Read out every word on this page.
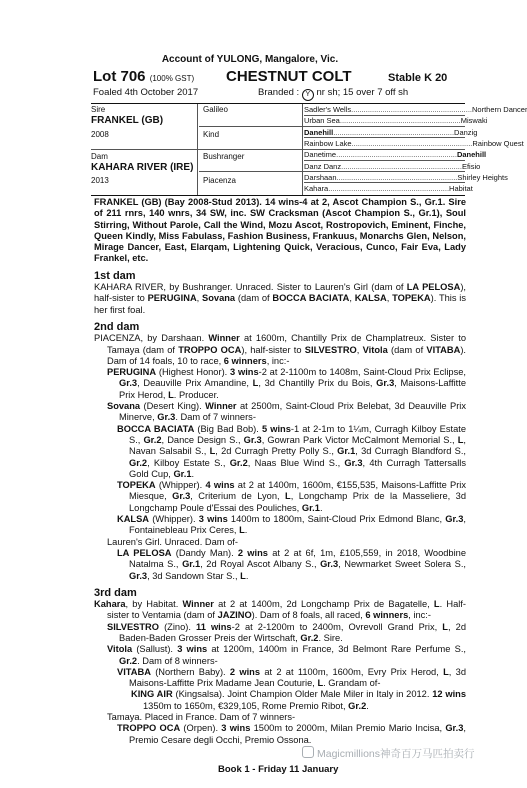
Account of YULONG, Mangalore, Vic.
Lot 706 (100% GST) CHESTNUT COLT	Stable K 20
Foaled 4th October 2017	Branded : Y nr sh; 15 over 7 off sh
Sire
FRANKEL (GB)
2008
Galileo
Kind
Dam
KAHARA RIVER (IRE)
2013
Bushranger
Piacenza
Sadler's Wells .......................................................... Northern Dancer
Urban Sea .......................................................... Miswaki
Danehill .......................................................... Danzig
Rainbow Lake .......................................................... Rainbow Quest
Danetime .......................................................... Danehill
Danz Danz .......................................................... Efisio
Darshaan .......................................................... Shirley Heights
Kahara .......................................................... Habitat

FRANKEL (GB) (Bay 2008-Stud 2013). 14 wins-4 at 2, Ascot Champion S., Gr.1. Sire of 211 rnrs, 140 wnrs, 34 SW, inc. SW Cracksman (Ascot Champion S., Gr.1), Soul Stirring, Without Parole, Call the Wind, Mozu Ascot, Rostropovich, Eminent, Finche, Queen Kindly, Miss Fabulass, Fashion Business, Frankuus, Monarchs Glen, Nelson, Mirage Dancer, East, Elarqam, Lightening Quick, Veracious, Cunco, Fair Eva, Lady Frankel, etc.

1st dam

KAHARA RIVER, by Bushranger. Unraced. Sister to Lauren's Girl (dam of LA PELOSA), half-sister to PERUGINA, Sovana (dam of BOCCA BACIATA, KALSA, TOPEKA). This is her first foal.

2nd dam

PIACENZA, by Darshaan. Winner at 1600m, Chantilly Prix de Champlatreux. Sister to Tamaya (dam of TROPPO OCA), half-sister to SILVESTRO, Vitola (dam of VITABA). Dam of 14 foals, 10 to race, 6 winners, inc:-

PERUGINA (Highest Honor). 3 wins-2 at 2-1100m to 1408m, Saint-Cloud Prix Eclipse, Gr.3, Deauville Prix Amandine, L, 3d Chantilly Prix du Bois, Gr.3, Maisons-Laffitte Prix Herod, L. Producer.

Sovana (Desert King). Winner at 2500m, Saint-Cloud Prix Belebat, 3d Deauville Prix Minerve, Gr.3. Dam of 7 winners-

BOCCA BACIATA (Big Bad Bob). 5 wins-1 at 2-1m to 1¼m, Curragh Kilboy Estate S., Gr.2, Dance Design S., Gr.3, Gowran Park Victor McCalmont Memorial S., L, Navan Salsabil S., L, 2d Curragh Pretty Polly S., Gr.1, 3d Curragh Blandford S., Gr.2, Kilboy Estate S., Gr.2, Naas Blue Wind S., Gr.3, 4th Curragh Tattersalls Gold Cup, Gr.1.

TOPEKA (Whipper). 4 wins at 2 at 1400m, 1600m, €155,535, Maisons-Laffitte Prix Miesque, Gr.3, Criterium de Lyon, L, Longchamp Prix de la Masseliere, 3d Longchamp Poule d'Essai des Pouliches, Gr.1.

KALSA (Whipper). 3 wins 1400m to 1800m, Saint-Cloud Prix Edmond Blanc, Gr.3, Fontainebleau Prix Ceres, L.

Lauren's Girl. Unraced. Dam of-

LA PELOSA (Dandy Man). 2 wins at 2 at 6f, 1m, £105,559, in 2018, Woodbine Natalma S., Gr.1, 2d Royal Ascot Albany S., Gr.3, Newmarket Sweet Solera S., Gr.3, 3d Sandown Star S., L.

3rd dam

Kahara, by Habitat. Winner at 2 at 1400m, 2d Longchamp Prix de Bagatelle, L. Half-sister to Ventamia (dam of JAZINO). Dam of 8 foals, all raced, 6 winners, inc:-

SILVESTRO (Zino). 11 wins-2 at 2-1200m to 2400m, Ovrevoll Grand Prix, L, 2d Baden-Baden Grosser Preis der Wirtschaft, Gr.2. Sire.

Vitola (Sallust). 3 wins at 1200m, 1400m in France, 3d Belmont Rare Perfume S., Gr.2. Dam of 8 winners-

VITABA (Northern Baby). 2 wins at 2 at 1100m, 1600m, Evry Prix Herod, L, 3d Maisons-Laffitte Prix Madame Jean Couturie, L. Grandam of-

KING AIR (Kingsalsa). Joint Champion Older Male Miler in Italy in 2012. 12 wins 1350m to 1650m, €329,105, Rome Premio Ribot, Gr.2.

Tamaya. Placed in France. Dam of 7 winners-

TROPPO OCA (Orpen). 3 wins 1500m to 2000m, Milan Premio Mario Incisa, Gr.3, Premio Cesare degli Occhi, Premio Ossona.

Magicmillions神奇百万马匹拍卖行
Book 1 - Friday 11 January
